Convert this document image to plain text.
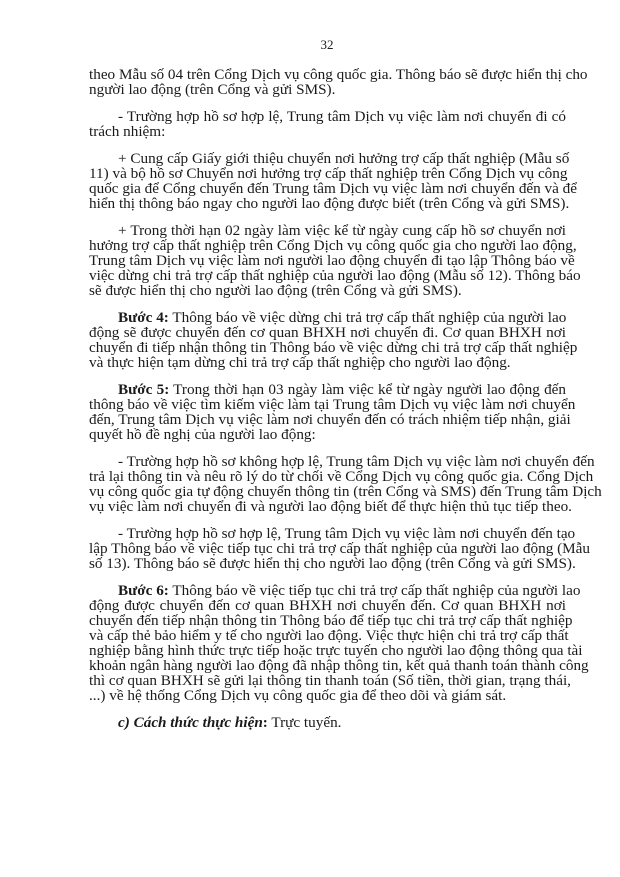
32
theo Mẫu số 04 trên Cổng Dịch vụ công quốc gia. Thông báo sẽ được hiển thị cho
người lao động (trên Cổng và gửi SMS).
- Trường hợp hồ sơ hợp lệ, Trung tâm Dịch vụ việc làm nơi chuyển đi có
trách nhiệm:
+ Cung cấp Giấy giới thiệu chuyển nơi hưởng trợ cấp thất nghiệp (Mẫu số
11) và bộ hồ sơ Chuyển nơi hưởng trợ cấp thất nghiệp trên Cổng Dịch vụ công
quốc gia để Cổng chuyển đến Trung tâm Dịch vụ việc làm nơi chuyển đến và để
hiển thị thông báo ngay cho người lao động được biết (trên Cổng và gửi SMS).
+ Trong thời hạn 02 ngày làm việc kể từ ngày cung cấp hồ sơ chuyển nơi
hưởng trợ cấp thất nghiệp trên Cổng Dịch vụ công quốc gia cho người lao động,
Trung tâm Dịch vụ việc làm nơi người lao động chuyển đi tạo lập Thông báo về
việc dừng chi trả trợ cấp thất nghiệp của người lao động (Mẫu số 12). Thông báo
sẽ được hiển thị cho người lao động (trên Cổng và gửi SMS).
Bước 4: Thông báo về việc dừng chi trả trợ cấp thất nghiệp của người lao
động sẽ được chuyển đến cơ quan BHXH nơi chuyển đi. Cơ quan BHXH nơi
chuyển đi tiếp nhận thông tin Thông báo về việc dừng chi trả trợ cấp thất nghiệp
và thực hiện tạm dừng chi trả trợ cấp thất nghiệp cho người lao động.
Bước 5: Trong thời hạn 03 ngày làm việc kể từ ngày người lao động đến
thông báo về việc tìm kiếm việc làm tại Trung tâm Dịch vụ việc làm nơi chuyển
đến, Trung tâm Dịch vụ việc làm nơi chuyển đến có trách nhiệm tiếp nhận, giải
quyết hồ đề nghị của người lao động:
- Trường hợp hồ sơ không hợp lệ, Trung tâm Dịch vụ việc làm nơi chuyển đến
trả lại thông tin và nêu rõ lý do từ chối về Cổng Dịch vụ công quốc gia. Cổng Dịch
vụ công quốc gia tự động chuyển thông tin (trên Cổng và SMS) đến Trung tâm Dịch
vụ việc làm nơi chuyển đi và người lao động biết để thực hiện thủ tục tiếp theo.
- Trường hợp hồ sơ hợp lệ, Trung tâm Dịch vụ việc làm nơi chuyển đến tạo
lập Thông báo về việc tiếp tục chi trả trợ cấp thất nghiệp của người lao động (Mẫu
số 13). Thông báo sẽ được hiển thị cho người lao động (trên Cổng và gửi SMS).
Bước 6: Thông báo về việc tiếp tục chi trả trợ cấp thất nghiệp của người lao
động được chuyển đến cơ quan BHXH nơi chuyển đến. Cơ quan BHXH nơi
chuyển đến tiếp nhận thông tin Thông báo để tiếp tục chi trả trợ cấp thất nghiệp
và cấp thẻ bảo hiểm y tế cho người lao động. Việc thực hiện chi trả trợ cấp thất
nghiệp bằng hình thức trực tiếp hoặc trực tuyến cho người lao động thông qua tài
khoản ngân hàng người lao động đã nhập thông tin, kết quả thanh toán thành công
thì cơ quan BHXH sẽ gửi lại thông tin thanh toán (Số tiền, thời gian, trạng thái,
...) về hệ thống Cổng Dịch vụ công quốc gia để theo dõi và giám sát.
c) Cách thức thực hiện: Trực tuyến.
